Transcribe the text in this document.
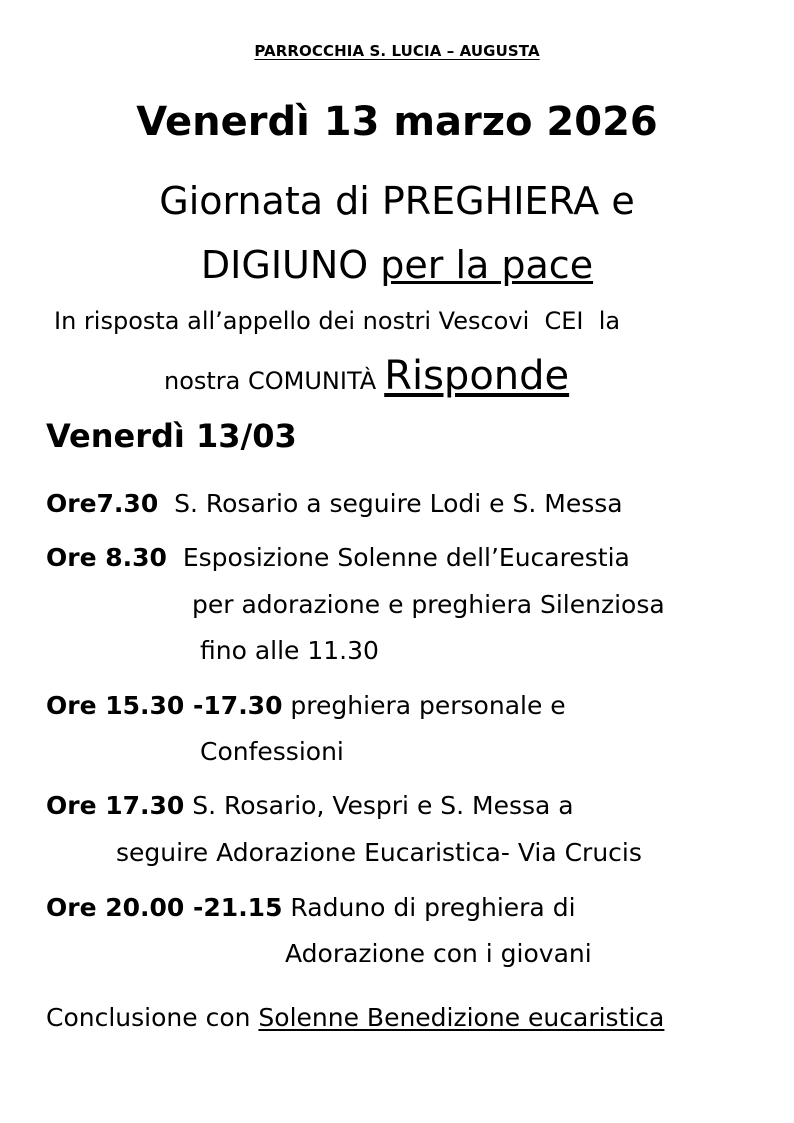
PARROCCHIA S. LUCIA – AUGUSTA
Venerdì 13 marzo 2026
Giornata di PREGHIERA e
DIGIUNO per la pace
In risposta all’appello dei nostri Vescovi  CEI  la
nostra COMUNITÀ Risponde
Venerdì 13/03
Ore7.30  S. Rosario a seguire Lodi e S. Messa
Ore 8.30  Esposizione Solenne dell’Eucarestia
per adorazione e preghiera Silenziosa
fino alle 11.30
Ore 15.30 -17.30 preghiera personale e
Confessioni
Ore 17.30 S. Rosario, Vespri e S. Messa a
seguire Adorazione Eucaristica- Via Crucis
Ore 20.00 -21.15 Raduno di preghiera di
Adorazione con i giovani
Conclusione con Solenne Benedizione eucaristica
